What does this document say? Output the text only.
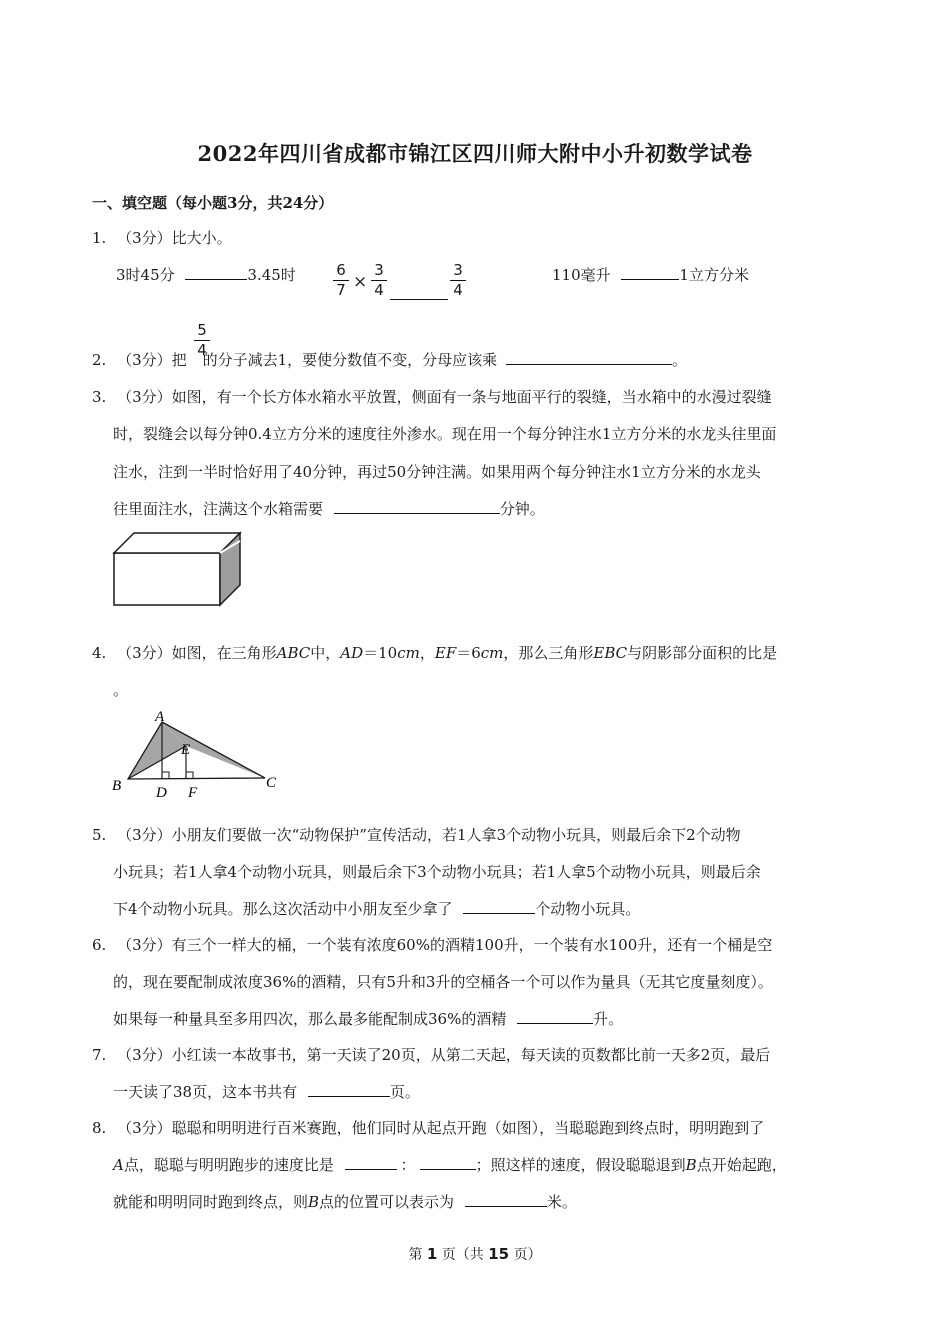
2022年四川省成都市锦江区四川师大附中小升初数学试卷
一、填空题（每小题3分，共24分）
1. （3分）比大小。
3时45分	3.45时	6
7 ×
3
4
3
4
110毫升	1立方分米
5
4
2. （3分）把 的分子减去1，要使分数值不变，分母应该乘	。
3. （3分）如图，有一个长方体水箱水平放置，侧面有一条与地面平行的裂缝，当水箱中的水漫过裂缝
时，裂缝会以每分钟0.4立方分米的速度往外渗水。现在用一个每分钟注水1立方分米的水龙头往里面
注水，注到一半时恰好用了40分钟，再过50分钟注满。如果用两个每分钟注水1立方分米的水龙头
往里面注水，注满这个水箱需要	分钟。
4. （3分）如图，在三角形ABC中，AD＝10cm，EF＝6cm，那么三角形EBC与阴影部分面积的比是
。
A
B	C
D
E
F
5. （3分）小朋友们要做一次“动物保护”宣传活动，若1人拿3个动物小玩具，则最后余下2个动物
小玩具；若1人拿4个动物小玩具，则最后余下3个动物小玩具；若1人拿5个动物小玩具，则最后余
下4个动物小玩具。那么这次活动中小朋友至少拿了	个动物小玩具。
6. （3分）有三个一样大的桶，一个装有浓度60%的酒精100升，一个装有水100升，还有一个桶是空
的，现在要配制成浓度36%的酒精，只有5升和3升的空桶各一个可以作为量具（无其它度量刻度）。
如果每一种量具至多用四次，那么最多能配制成36%的酒精	升。
7. （3分）小红读一本故事书，第一天读了20页，从第二天起，每天读的页数都比前一天多2页，最后
一天读了38页，这本书共有	页。
8. （3分）聪聪和明明进行百米赛跑，他们同时从起点开跑（如图），当聪聪跑到终点时，明明跑到了
A点，聪聪与明明跑步的速度比是	：	；照这样的速度，假设聪聪退到B点开始起跑，
就能和明明同时跑到终点，则B点的位置可以表示为	米。
第 1 页（共 15 页）
